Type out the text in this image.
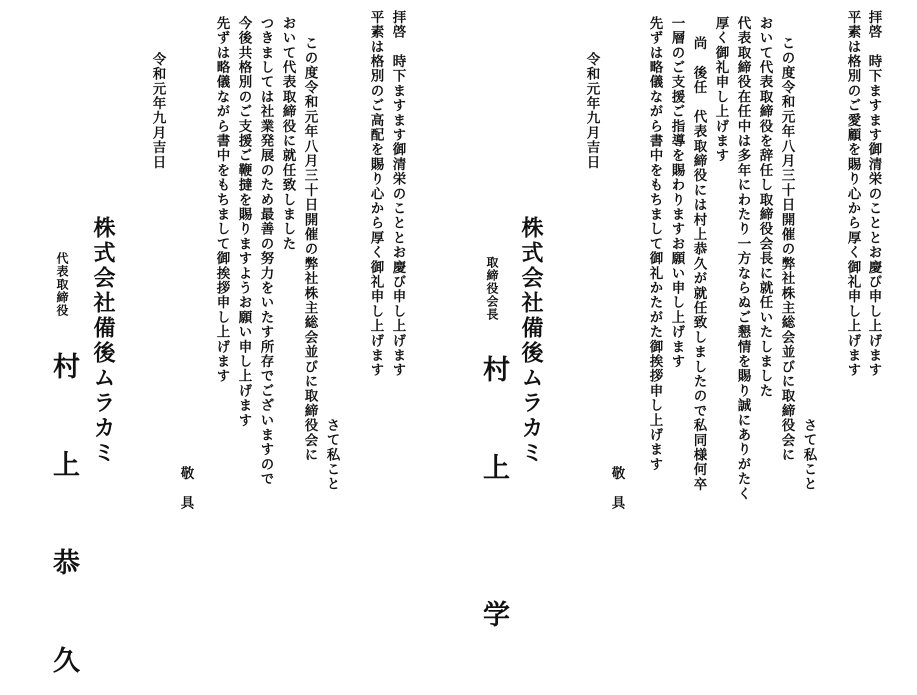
拝啓　時下ますます御清栄のこととお慶び申し上げます
平素は格別のご愛顧を賜り心から厚く御礼申し上げます
さて私こと
この度令和元年八月三十日開催の弊社株主総会並びに取締役会に
おいて代表取締役を辞任し取締役会長に就任いたしました
代表取締役在任中は多年にわたり一方ならぬご懇情を賜り誠にありがたく
厚く御礼申し上げます
尚　後任　代表取締役には村上恭久が就任致しましたので私同様何卒
一層のご支援ご指導を賜わりますお願い申し上げます
先ずは略儀ながら書中をもちまして御礼かたがた御挨拶申し上げます
敬　具
令和元年九月吉日
株式会社備後ムラカミ
取締役会長
村　上　　学
拝啓　時下ますます御清栄のこととお慶び申し上げます
平素は格別のご高配を賜り心から厚く御礼申し上げます
さて私こと
この度令和元年八月三十日開催の弊社株主総会並びに取締役会に
おいて代表取締役に就任致しました
つきましては社業発展のため最善の努力をいたす所存でございますので
今後共格別のご支援ご鞭撻を賜りますようお願い申し上げます
先ずは略儀ながら書中をもちまして御挨拶申し上げます
敬　具
令和元年九月吉日
株式会社備後ムラカミ
代表取締役
村　上　恭　久
